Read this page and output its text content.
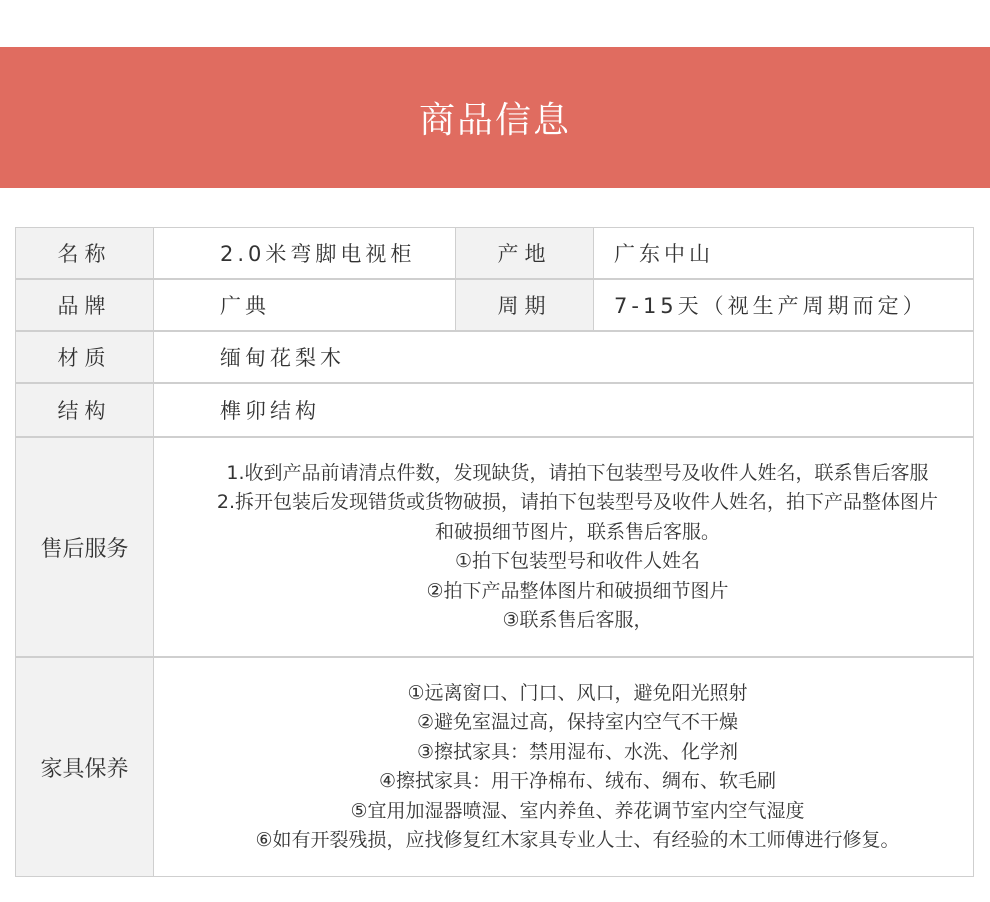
商品信息
名称	2.0米弯脚电视柜	产地	广东中山
品牌	广典	周期	7-15天（视生产周期而定）
材质	缅甸花梨木
结构	榫卯结构
售后服务
1.收到产品前请清点件数，发现缺货，请拍下包装型号及收件人姓名，联系售后客服
2.拆开包装后发现错货或货物破损，请拍下包装型号及收件人姓名，拍下产品整体图片
和破损细节图片，联系售后客服。
①拍下包装型号和收件人姓名
②拍下产品整体图片和破损细节图片
③联系售后客服，
家具保养
①远离窗口、门口、风口，避免阳光照射
②避免室温过高，保持室内空气不干燥
③擦拭家具：禁用湿布、水洗、化学剂
④擦拭家具：用干净棉布、绒布、绸布、软毛刷
⑤宜用加湿器喷湿、室内养鱼、养花调节室内空气湿度
⑥如有开裂残损，应找修复红木家具专业人士、有经验的木工师傅进行修复。
